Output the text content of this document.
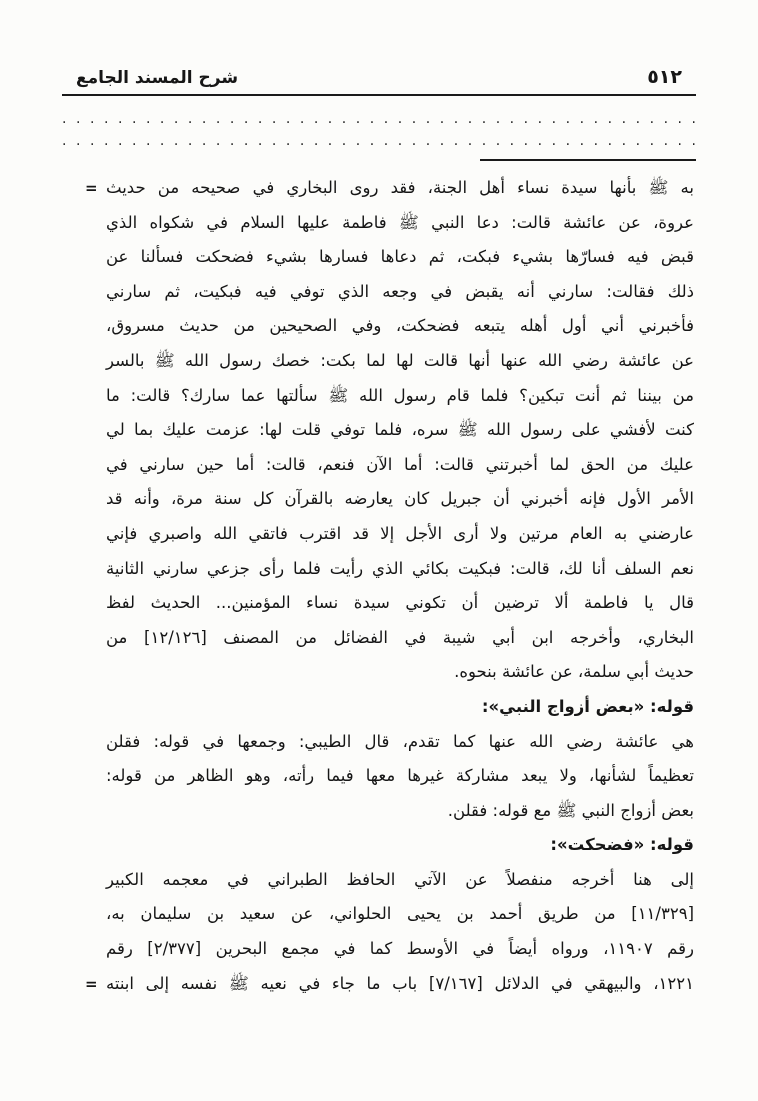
٥١٢
شرح المسند الجامع
. . . . . . . . . . . . . . . . . . . . . . . . . . . . . . . . . . . . . . . . . . . . . .
. . . . . . . . . . . . . . . . . . . . . . . . . . . . . . . . . . . . . . . . . . . . . .
= به ﷺ بأنها سيدة نساء أهل الجنة، فقد روى البخاري في صحيحه من حديث
عروة، عن عائشة قالت: دعا النبي ﷺ فاطمة عليها السلام في شكواه الذي
قبض فيه فسارّها بشيء فبكت، ثم دعاها فسارها بشيء فضحكت فسألنا عن
ذلك فقالت: سارني أنه يقبض في وجعه الذي توفي فيه فبكيت، ثم سارني
فأخبرني أني أول أهله يتبعه فضحكت، وفي الصحيحين من حديث مسروق،
عن عائشة رضي الله عنها أنها قالت لها لما بكت: خصك رسول الله ﷺ بالسر
من بيننا ثم أنت تبكين؟ فلما قام رسول الله ﷺ سألتها عما سارك؟ قالت: ما
كنت لأفشي على رسول الله ﷺ سره، فلما توفي قلت لها: عزمت عليك بما لي
عليك من الحق لما أخبرتني قالت: أما الآن فنعم، قالت: أما حين سارني في
الأمر الأول فإنه أخبرني أن جبريل كان يعارضه بالقرآن كل سنة مرة، وأنه قد
عارضني به العام مرتين ولا أرى الأجل إلا قد اقترب فاتقي الله واصبري فإني
نعم السلف أنا لك، قالت: فبكيت بكائي الذي رأيت فلما رأى جزعي سارني الثانية
قال يا فاطمة ألا ترضين أن تكوني سيدة نساء المؤمنين... الحديث لفظ
البخاري، وأخرجه ابن أبي شيبة في الفضائل من المصنف [١٢/١٢٦] من
حديث أبي سلمة، عن عائشة بنحوه.
قوله: «بعض أزواج النبي»:
هي عائشة رضي الله عنها كما تقدم، قال الطيبي: وجمعها في قوله: فقلن
تعظيماً لشأنها، ولا يبعد مشاركة غيرها معها فيما رأته، وهو الظاهر من قوله:
بعض أزواج النبي ﷺ مع قوله: فقلن.
قوله: «فضحكت»:
إلى هنا أخرجه منفصلاً عن الآتي الحافظ الطبراني في معجمه الكبير
[١١/٣٢٩] من طريق أحمد بن يحيى الحلواني، عن سعيد بن سليمان به،
رقم ١١٩٠٧، ورواه أيضاً في الأوسط كما في مجمع البحرين [٢/٣٧٧] رقم
= ١٢٢١، والبيهقي في الدلائل [٧/١٦٧] باب ما جاء في نعيه ﷺ نفسه إلى ابنته
